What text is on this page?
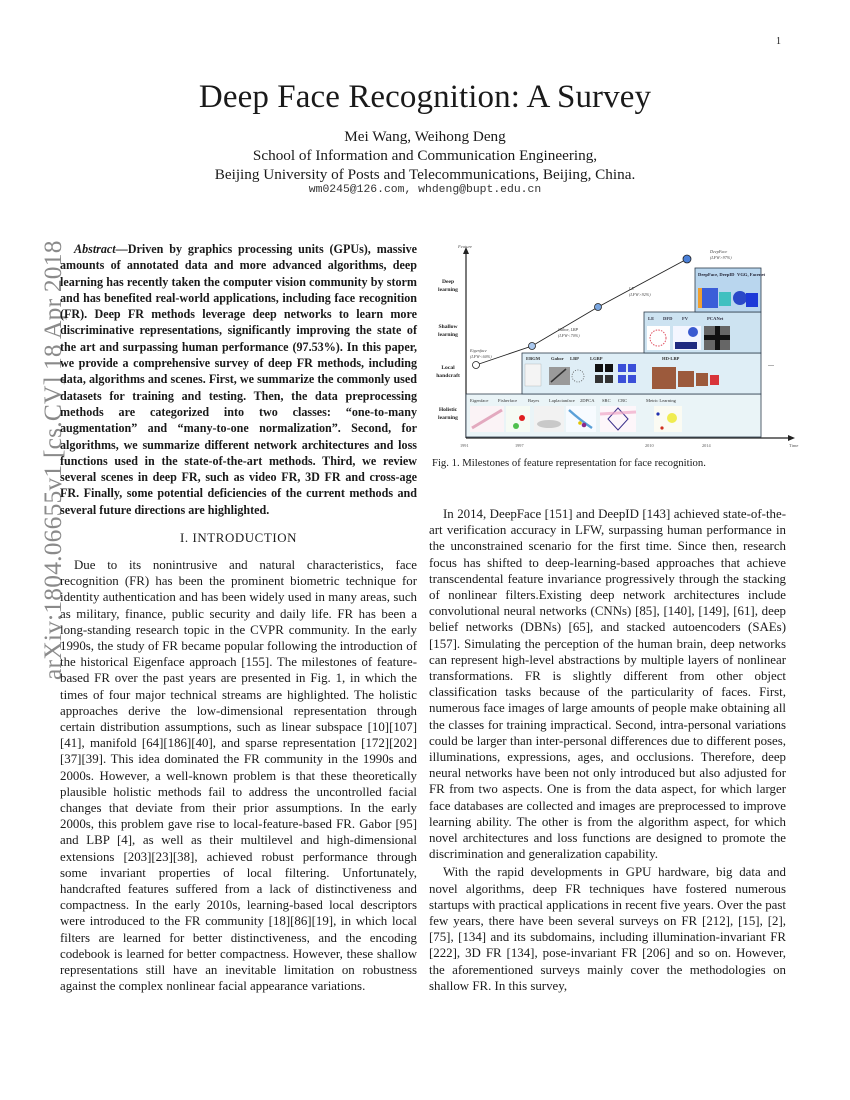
1
arXiv:1804.06655v1 [cs.CV] 18 Apr 2018
Deep Face Recognition: A Survey
Mei Wang, Weihong Deng
School of Information and Communication Engineering,
Beijing University of Posts and Telecommunications, Beijing, China.
wm0245@126.com, whdeng@bupt.edu.cn
Abstract—Driven by graphics processing units (GPUs), massive amounts of annotated data and more advanced algorithms, deep learning has recently taken the computer vision community by storm and has benefited real-world applications, including face recognition (FR). Deep FR methods leverage deep networks to learn more discriminative representations, significantly improving the state of the art and surpassing human performance (97.53%). In this paper, we provide a comprehensive survey of deep FR methods, including data, algorithms and scenes. First, we summarize the commonly used datasets for training and testing. Then, the data preprocessing methods are categorized into two classes: “one-to-many augmentation” and “many-to-one normalization”. Second, for algorithms, we summarize different network architectures and loss functions used in the state-of-the-art methods. Third, we review several scenes in deep FR, such as video FR, 3D FR and cross-age FR. Finally, some potential deficiencies of the current methods and several future directions are highlighted.
I. INTRODUCTION

Due to its nonintrusive and natural characteristics, face recognition (FR) has been the prominent biometric technique for identity authentication and has been widely used in many areas, such as military, finance, public security and daily life. FR has been a long-standing research topic in the CVPR community. In the early 1990s, the study of FR became popular following the introduction of the historical Eigenface approach [155]. The milestones of feature-based FR over the past years are presented in Fig. 1, in which the times of four major technical streams are highlighted. The holistic approaches derive the low-dimensional representation through certain distribution assumptions, such as linear subspace [10][107][41], manifold [64][186][40], and sparse representation [172][202][37][39]. This idea dominated the FR community in the 1990s and 2000s. However, a well-known problem is that these theoretically plausible holistic methods fail to address the uncontrolled facial changes that deviate from their prior assumptions. In the early 2000s, this problem gave rise to local-feature-based FR. Gabor [95] and LBP [4], as well as their multilevel and high-dimensional extensions [203][23][38], achieved robust performance through some invariant properties of local filtering. Unfortunately, handcrafted features suffered from a lack of distinctiveness and compactness. In the early 2010s, learning-based local descriptors were introduced to the FR community [18][86][19], in which local filters are learned for better distinctiveness, and the encoding codebook is learned for better compactness. However, these shallow representations still have an inevitable limitation on robustness against the complex nonlinear facial appearance variations.

In 2014, DeepFace [151] and DeepID [143] achieved state-of-the-art verification accuracy in LFW, surpassing human performance in the unconstrained scenario for the first time. Since then, research focus has shifted to deep-learning-based approaches that achieve transcendental feature invariance progressively through the stacking of nonlinear filters.Existing deep network architectures include convolutional neural networks (CNNs) [85], [140], [149], [61], deep belief networks (DBNs) [65], and stacked autoencoders (SAEs) [157]. Simulating the perception of the human brain, deep networks can represent high-level abstractions by multiple layers of nonlinear transformations. FR is slightly different from other object classification tasks because of the particularity of faces. First, numerous face images of large amounts of people make obtaining all the classes for training impractical. Second, intra-personal variations could be larger than inter-personal differences due to different poses, illuminations, expressions, ages, and occlusions. Therefore, deep neural networks have been not only introduced but also adjusted for FR from two aspects. One is from the data aspect, for which larger face databases are collected and images are preprocessed to improve learning ability. The other is from the algorithm aspect, for which novel architectures and loss functions are designed to promote the discrimination and generalization capability.

With the rapid developments in GPU hardware, big data and novel algorithms, deep FR techniques have fostered numerous startups with practical applications in recent five years. Over the past few years, there have been several surveys on FR [212], [15], [2], [75], [134] and its subdomains, including illumination-invariant FR [222], 3D FR [134], pose-invariant FR [206] and so on. However, the aforementioned surveys mainly cover the methodologies on shallow FR. In this survey,

Feature
Time
Deep
learning
Shallow
learning
Local
handcraft
Holistic
learning
Eigenface Fisherface Bayes Laplacianface 2DPCA SRC CRC	Metric Learning
EBGM Gabor LBP LGBP	HD-LBP
...
LE DFD FV	PCANet
DeepFace, DeepID VGG, Facenet
Eigenface
(LFW<60%)
Gabor, LBP
(LFW<70%)
LE
(LFW>92%)
DeepFace
(LFW>97%)
1991	1997	2010	2014
Fig. 1. Milestones of feature representation for face recognition.
